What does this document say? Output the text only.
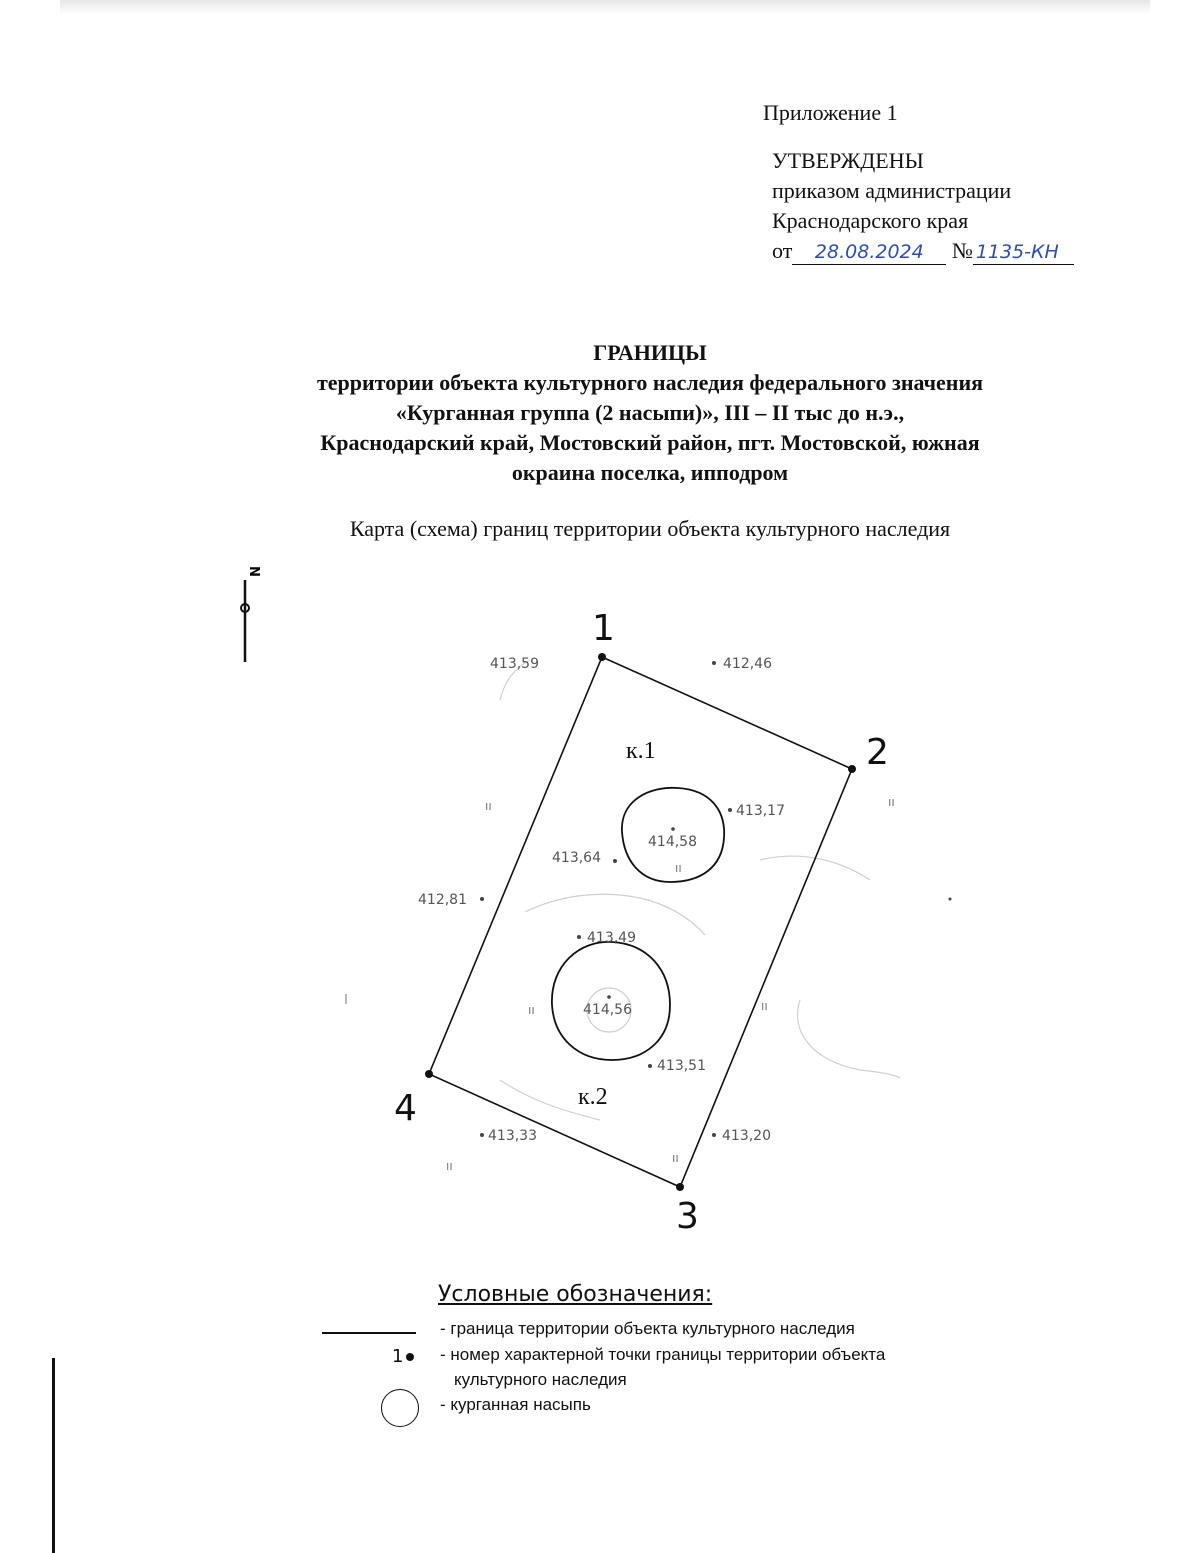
Приложение 1
УТВЕРЖДЕНЫ
приказом администрации
Краснодарского края
от 28.08.2024 № 1135-КН
ГРАНИЦЫ
территории объекта культурного наследия федерального значения
«Курганная группа (2 насыпи)», III – II тыс до н.э.,
Краснодарский край, Мостовский район, пгт. Мостовской, южная
окраина поселка, ипподром
Карта (схема) границ территории объекта культурного наследия
N
1
2
3
4
к.1
к.2
413,59	412,46
413,17
414,58
413,64
412,81
413,49
414,56
413,51
413,33	413,20
ıı	ıı
ıı
ıı	ıı
ıı
ıı
Условные обозначения:
- граница территории объекта культурного наследия
1	- номер характерной точки границы территории объекта
культурного наследия
- курганная насыпь
